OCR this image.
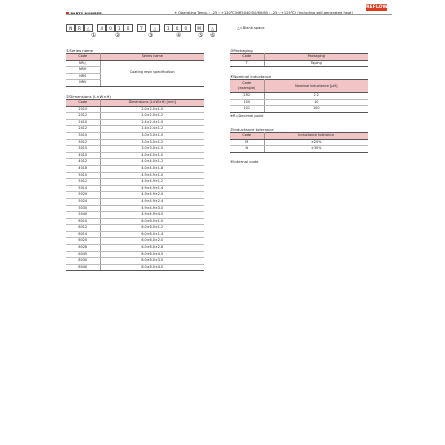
REFLOW
PARTS NUMBER	✳ Operating Temp. : -25〜+120℃(NR5040/50/60/80 : -25〜+125℃) (Including self-generated heat)
N	R	△	4	0	1	0	T	△	1	0	0	M	△	△=Blank space
①	②	③	④	⑤ ⑥
①Series name
Code	Series name
NR△	Coating resin specification
NRH	
NRS	
NRV	
②Dimensions (L×W×H)
Code	Dimensions (L×W×H) [mm]
2010	2.0×2.0×1.0
2012	2.0×2.0×1.2
2410	2.4×2.4×1.0
2412	2.4×2.4×1.2
3010	3.0×3.0×1.0
3012	3.0×3.0×1.2
3015	3.0×3.0×1.5
4010	4.0×4.0×1.0
4012	4.0×4.0×1.2
4018	4.0×4.0×1.8
5010	4.9×4.9×1.0
5012	4.9×4.9×1.2
5014	4.9×4.9×1.4
5020	4.9×4.9×2.0
5024	4.9×4.9×2.4
5030	4.9×4.9×3.0
5040	4.9×4.9×4.0
6010	6.0×6.0×1.0
6012	6.0×6.0×1.2
6014	6.0×6.0×1.4
6020	6.0×6.0×2.0
6028	6.0×6.0×2.8
6045	6.0×6.0×4.5
8030	8.0×8.0×3.0
8040	8.0×8.0×4.0
③Packaging
Code	Packaging
T	Taping
④Nominal inductance
Code
(example)	Nominal inductance [μH]
2R2	2.2
100	10
101	100
※R=Decimal point
⑤Inductance tolerance
Code	Inductance tolerance
M	±20%
N	±30%
⑥Internal code
